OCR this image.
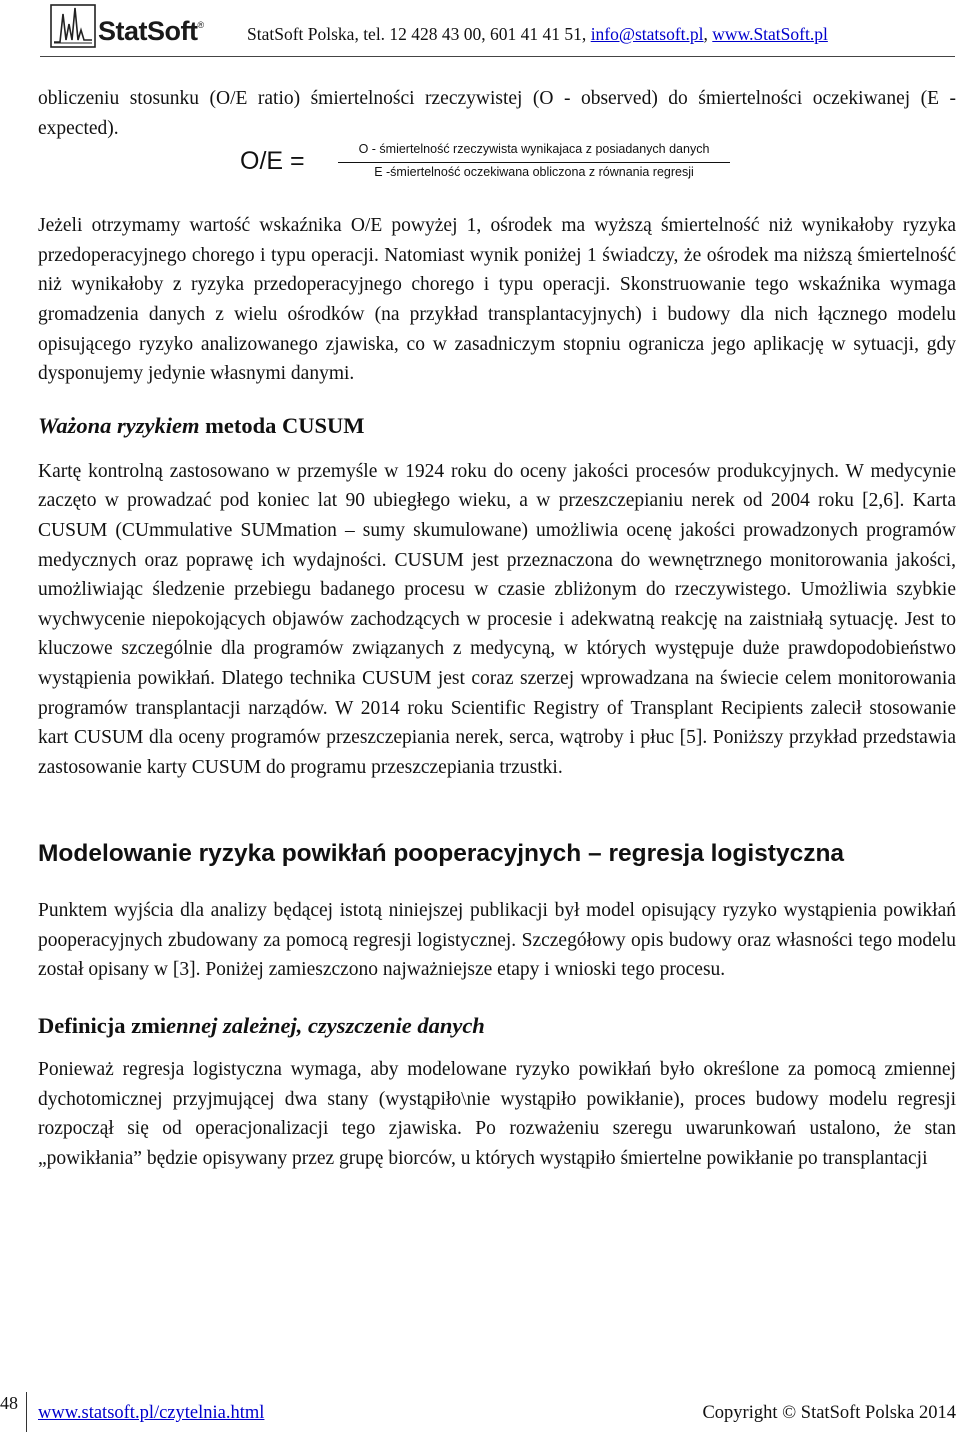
StatSoft® StatSoft Polska, tel. 12 428 43 00, 601 41 41 51, info@statsoft.pl, www.StatSoft.pl

obliczeniu stosunku (O/E ratio) śmiertelności rzeczywistej (O - observed) do śmiertelności oczekiwanej (E - expected).

O/E =	O - śmiertelność rzeczywista wynikajaca z posiadanych danych
E -śmiertelność oczekiwana obliczona z równania regresji

Jeżeli otrzymamy wartość wskaźnika O/E powyżej 1, ośrodek ma wyższą śmiertelność niż wynikałoby ryzyka przedoperacyjnego chorego i typu operacji. Natomiast wynik poniżej 1 świadczy, że ośrodek ma niższą śmiertelność niż wynikałoby z ryzyka przedoperacyjnego chorego i typu operacji. Skonstruowanie tego wskaźnika wymaga gromadzenia danych z wielu ośrodków (na przykład transplantacyjnych) i budowy dla nich łącznego modelu opisującego ryzyko analizowanego zjawiska, co w zasadniczym stopniu ogranicza jego aplikację w sytuacji, gdy dysponujemy jedynie własnymi danymi.

Ważona ryzykiem metoda CUSUM

Kartę kontrolną zastosowano w przemyśle w 1924 roku do oceny jakości procesów produkcyjnych. W medycynie zaczęto w prowadzać pod koniec lat 90 ubiegłego wieku, a w przeszczepianiu nerek od 2004 roku [2,6]. Karta CUSUM (CUmmulative SUMmation – sumy skumulowane) umożliwia ocenę jakości prowadzonych programów medycznych oraz poprawę ich wydajności. CUSUM jest przeznaczona do wewnętrznego monitorowania jakości, umożliwiając śledzenie przebiegu badanego procesu w czasie zbliżonym do rzeczywistego. Umożliwia szybkie wychwycenie niepokojących objawów zachodzących w procesie i adekwatną reakcję na zaistniałą sytuację. Jest to kluczowe szczególnie dla programów związanych z medycyną, w których występuje duże prawdopodobieństwo wystąpienia powikłań. Dlatego technika CUSUM jest coraz szerzej wprowadzana na świecie celem monitorowania programów transplantacji narządów. W 2014 roku Scientific Registry of Transplant Recipients zalecił stosowanie kart CUSUM dla oceny programów przeszczepiania nerek, serca, wątroby i płuc [5]. Poniższy przykład przedstawia zastosowanie karty CUSUM do programu przeszczepiania trzustki.

Modelowanie ryzyka powikłań pooperacyjnych – regresja logistyczna

Punktem wyjścia dla analizy będącej istotą niniejszej publikacji był model opisujący ryzyko wystąpienia powikłań pooperacyjnych zbudowany za pomocą regresji logistycznej. Szczegółowy opis budowy oraz własności tego modelu został opisany w [3]. Poniżej zamieszczono najważniejsze etapy i wnioski tego procesu.

Definicja zmiennej zależnej, czyszczenie danych

Ponieważ regresja logistyczna wymaga, aby modelowane ryzyko powikłań było określone za pomocą zmiennej dychotomicznej przyjmującej dwa stany (wystąpiło\nie wystąpiło powikłanie), proces budowy modelu regresji rozpoczął się od operacjonalizacji tego zjawiska. Po rozważeniu szeregu uwarunkowań ustalono, że stan „powikłania” będzie opisywany przez grupę biorców, u których wystąpiło śmiertelne powikłanie po transplantacji

48 www.statsoft.pl/czytelnia.html	Copyright © StatSoft Polska 2014
